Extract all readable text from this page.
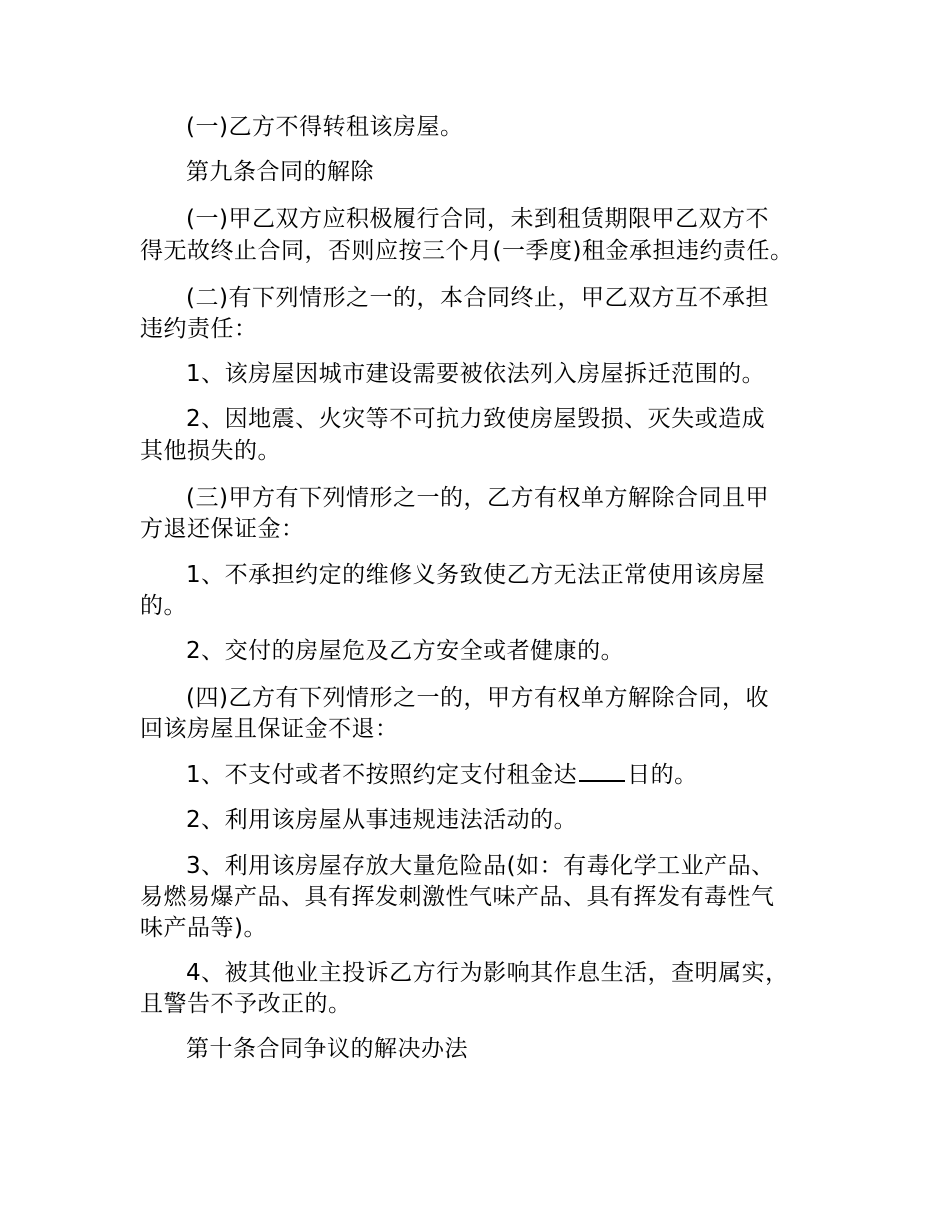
(一)乙方不得转租该房屋。
第九条合同的解除
(一)甲乙双方应积极履行合同，未到租赁期限甲乙双方不
得无故终止合同，否则应按三个月(一季度)租金承担违约责任。
(二)有下列情形之一的，本合同终止，甲乙双方互不承担
违约责任：
1、该房屋因城市建设需要被依法列入房屋拆迁范围的。
2、因地震、火灾等不可抗力致使房屋毁损、灭失或造成
其他损失的。
(三)甲方有下列情形之一的，乙方有权单方解除合同且甲
方退还保证金：
1、不承担约定的维修义务致使乙方无法正常使用该房屋
的。
2、交付的房屋危及乙方安全或者健康的。
(四)乙方有下列情形之一的，甲方有权单方解除合同，收
回该房屋且保证金不退：
1、不支付或者不按照约定支付租金达 日的。
2、利用该房屋从事违规违法活动的。
3、利用该房屋存放大量危险品(如：有毒化学工业产品、
易燃易爆产品、具有挥发刺激性气味产品、具有挥发有毒性气
味产品等)。
4、被其他业主投诉乙方行为影响其作息生活，查明属实，
且警告不予改正的。
第十条合同争议的解决办法
